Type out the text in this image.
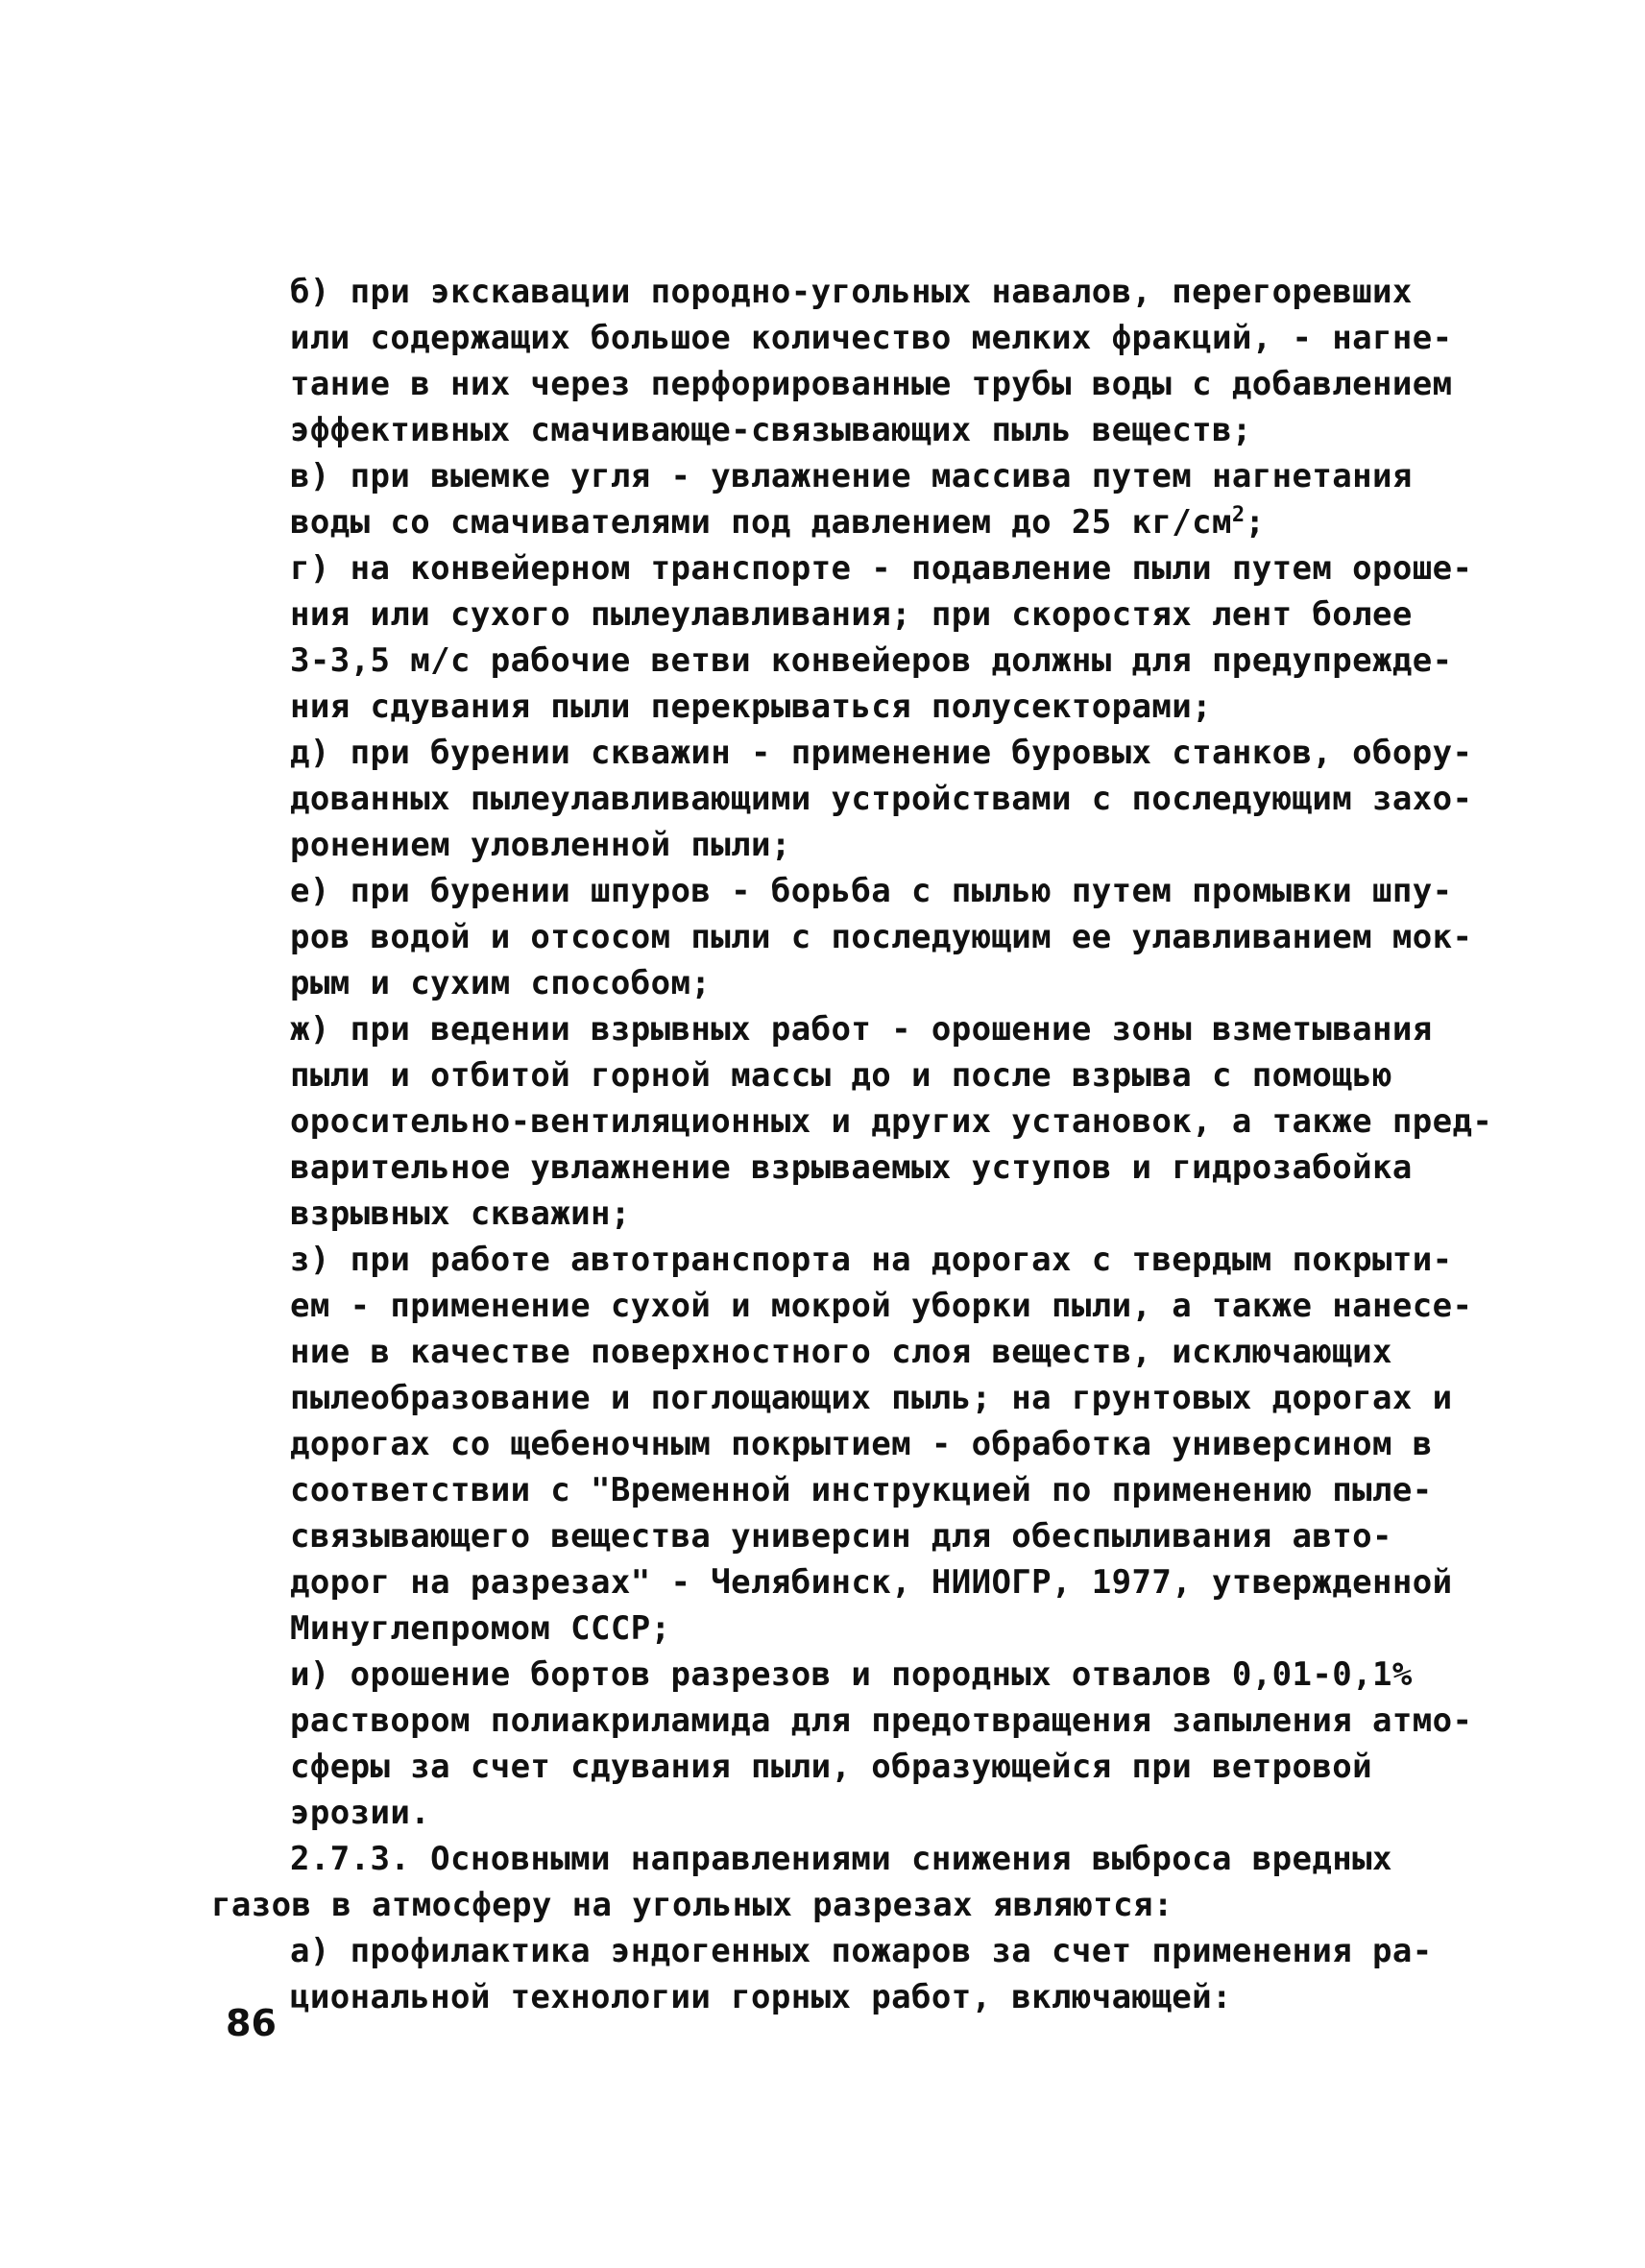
б) при экскавации породно-угольных навалов, перегоревших
или содержащих большое количество мелких фракций, - нагне-
тание в них через перфорированные трубы воды с добавлением
эффективных смачивающе-связывающих пыль веществ;
в) при выемке угля - увлажнение массива путем нагнетания
воды со смачивателями под давлением до 25 $кг/см^2$;
г) на конвейерном транспорте - подавление пыли путем ороше-
ния или сухого пылеулавливания; при скоростях лент более
3-3,5 м/с рабочие ветви конвейеров должны для предупрежде-
ния сдувания пыли перекрываться полусекторами;
д) при бурении скважин - применение буровых станков, обору-
дованных пылеулавливающими устройствами с последующим захо-
ронением уловленной пыли;
е) при бурении шпуров - борьба с пылью путем промывки шпу-
ров водой и отсосом пыли с последующим ее улавливанием мок-
рым и сухим способом;
ж) при ведении взрывных работ - орошение зоны взметывания
пыли и отбитой горной массы до и после взрыва с помощью
оросительно-вентиляционных и других установок, а также пред-
варительное увлажнение взрываемых уступов и гидрозабойка
взрывных скважин;
з) при работе автотранспорта на дорогах с твердым покрыти-
ем - применение сухой и мокрой уборки пыли, а также нанесе-
ние в качестве поверхностного слоя веществ, исключающих
пылеобразование и поглощающих пыль; на грунтовых дорогах и
дорогах со щебеночным покрытием - обработка универсином в
соответствии с "Временной инструкцией по применению пыле-
связывающего вещества универсин для обеспыливания авто-
дорог на разрезах" - Челябинск, НИИОГР, 1977, утвержденной
Минуглепромом СССР;
и) орошение бортов разрезов и породных отвалов 0,01-0,1%
раствором полиакриламида для предотвращения запыления атмо-
сферы за счет сдувания пыли, образующейся при ветровой
эрозии.
2.7.3. Основными направлениями снижения выброса вредных
газов в атмосферу на угольных разрезах являются:
а) профилактика эндогенных пожаров за счет применения ра-
циональной технологии горных работ, включающей:
86
